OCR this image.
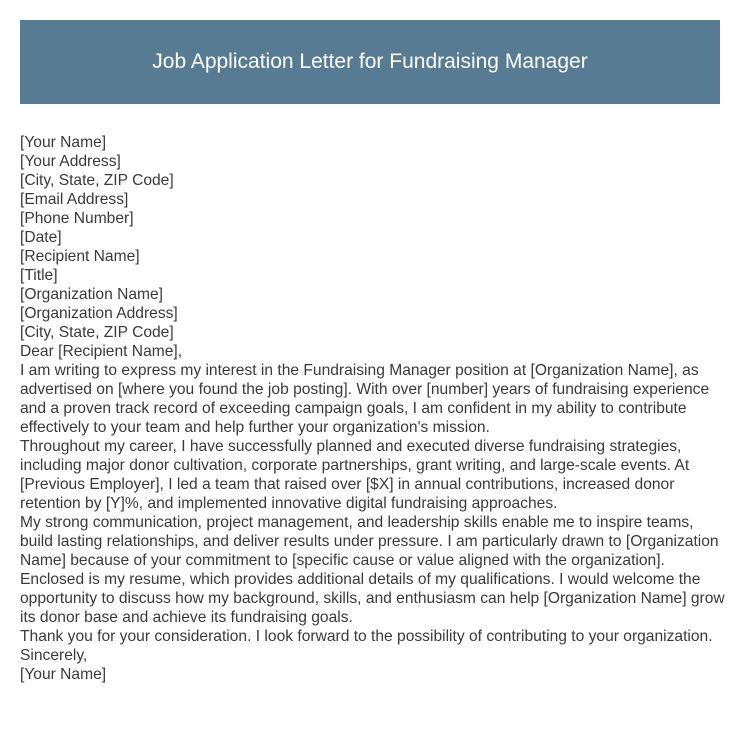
Job Application Letter for Fundraising Manager

[Your Name]

[Your Address]

[City, State, ZIP Code]

[Email Address]

[Phone Number]

[Date]

[Recipient Name]

[Title]

[Organization Name]

[Organization Address]

[City, State, ZIP Code]

Dear [Recipient Name],

I am writing to express my interest in the Fundraising Manager position at [Organization Name], as advertised on [where you found the job posting]. With over [number] years of fundraising experience and a proven track record of exceeding campaign goals, I am confident in my ability to contribute effectively to your team and help further your organization's mission.

Throughout my career, I have successfully planned and executed diverse fundraising strategies, including major donor cultivation, corporate partnerships, grant writing, and large-scale events. At [Previous Employer], I led a team that raised over [$X] in annual contributions, increased donor retention by [Y]%, and implemented innovative digital fundraising approaches.

My strong communication, project management, and leadership skills enable me to inspire teams, build lasting relationships, and deliver results under pressure. I am particularly drawn to [Organization Name] because of your commitment to [specific cause or value aligned with the organization].

Enclosed is my resume, which provides additional details of my qualifications. I would welcome the opportunity to discuss how my background, skills, and enthusiasm can help [Organization Name] grow its donor base and achieve its fundraising goals.

Thank you for your consideration. I look forward to the possibility of contributing to your organization.

Sincerely,

[Your Name]
